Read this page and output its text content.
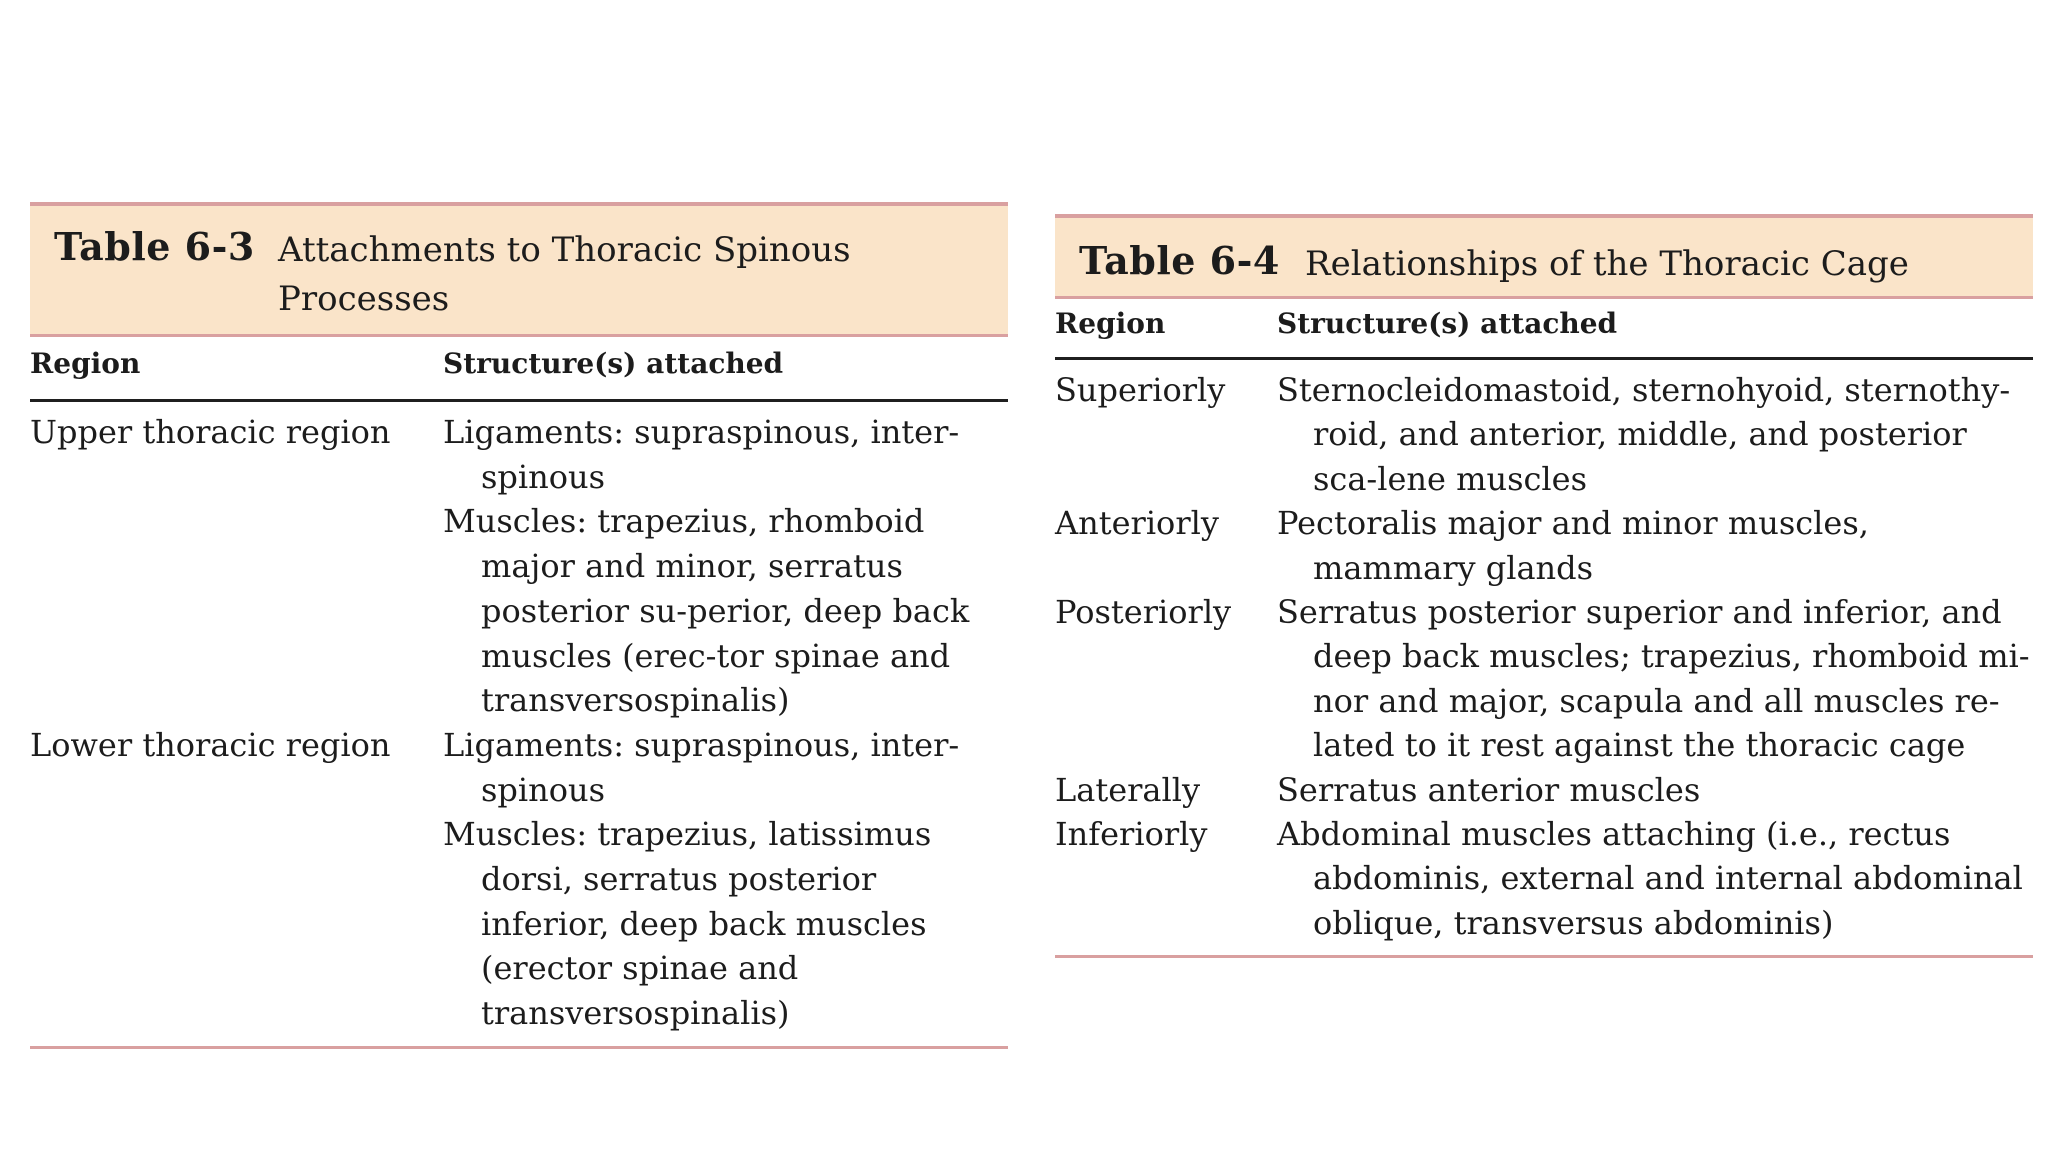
Table 6-3 Attachments to Thoracic Spinous Processes
Region	Structure(s) attached
Upper thoracic region	Ligaments: supraspinous, inter-spinous
Muscles: trapezius, rhomboid major and minor, serratus posterior su-perior, deep back muscles (erec-tor spinae and transversospinalis)
Lower thoracic region	Ligaments: supraspinous, inter-spinous
Muscles: trapezius, latissimus dorsi, serratus posterior inferior, deep back muscles (erector spinae and transversospinalis)
Table 6-4 Relationships of the Thoracic Cage
Region	Structure(s) attached
Superiorly	Sternocleidomastoid, sternohyoid, sternothy-roid, and anterior, middle, and posterior sca-lene muscles
Anteriorly	Pectoralis major and minor muscles, mammary glands
Posteriorly	Serratus posterior superior and inferior, and deep back muscles; trapezius, rhomboid mi-nor and major, scapula and all muscles re-lated to it rest against the thoracic cage
Laterally	Serratus anterior muscles
Inferiorly	Abdominal muscles attaching (i.e., rectus abdominis, external and internal abdominal oblique, transversus abdominis)
